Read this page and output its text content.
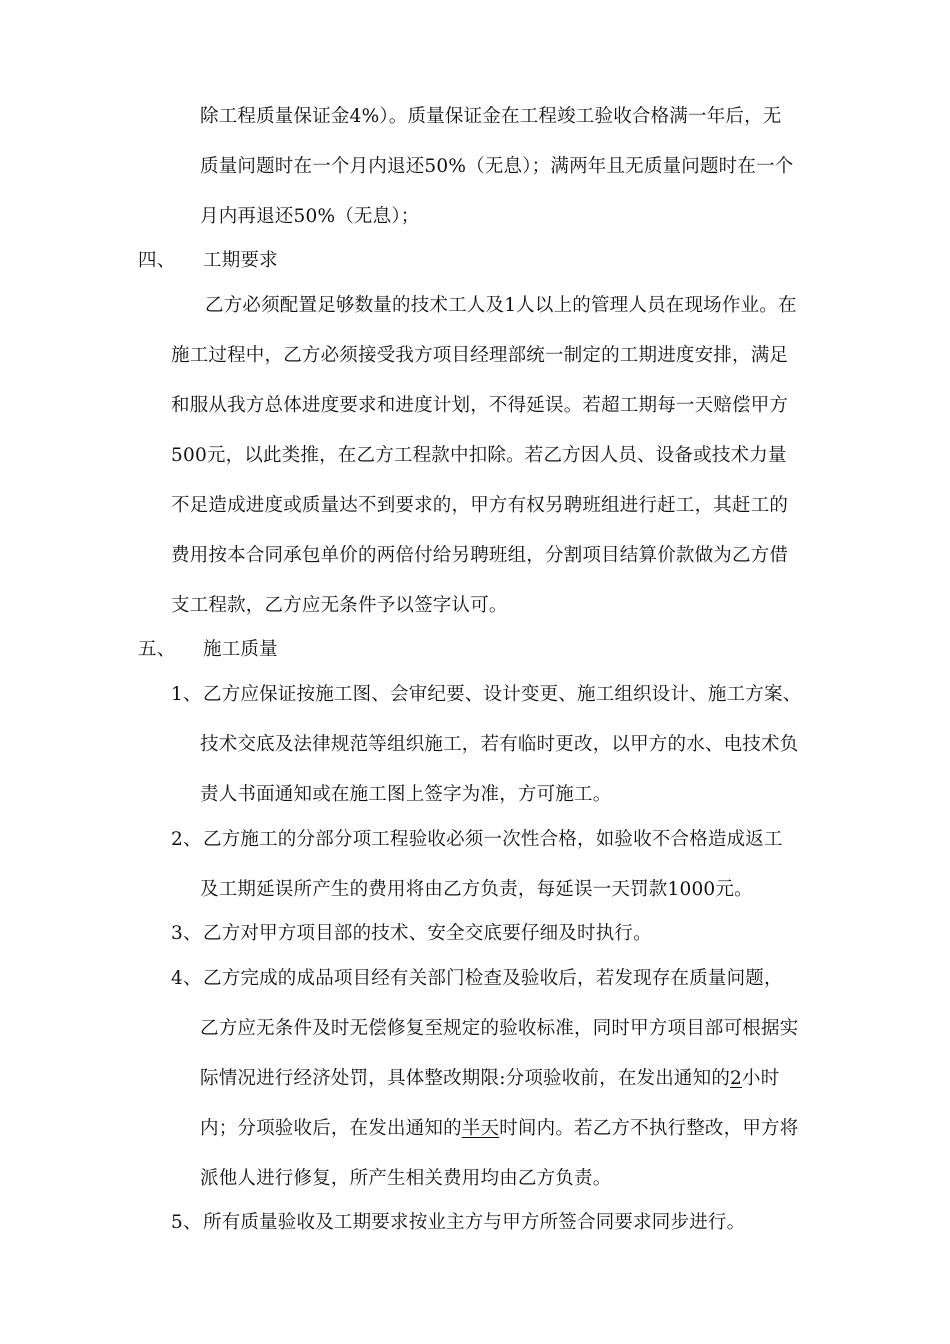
除工程质量保证金4%）。质量保证金在工程竣工验收合格满一年后，无
质量问题时在一个月内退还50%（无息）；满两年且无质量问题时在一个
月内再退还50%（无息）；
四、 工期要求
乙方必须配置足够数量的技术工人及1人以上的管理人员在现场作业。在
施工过程中，乙方必须接受我方项目经理部统一制定的工期进度安排，满足
和服从我方总体进度要求和进度计划，不得延误。若超工期每一天赔偿甲方
500元，以此类推，在乙方工程款中扣除。若乙方因人员、设备或技术力量
不足造成进度或质量达不到要求的，甲方有权另聘班组进行赶工，其赶工的
费用按本合同承包单价的两倍付给另聘班组，分割项目结算价款做为乙方借
支工程款，乙方应无条件予以签字认可。
五、 施工质量
1、 乙方应保证按施工图、会审纪要、设计变更、施工组织设计、施工方案、
技术交底及法律规范等组织施工，若有临时更改，以甲方的水、电技术负
责人书面通知或在施工图上签字为准，方可施工。
2、 乙方施工的分部分项工程验收必须一次性合格，如验收不合格造成返工
及工期延误所产生的费用将由乙方负责，每延误一天罚款1000元。
3、 乙方对甲方项目部的技术、安全交底要仔细及时执行。
4、 乙方完成的成品项目经有关部门检查及验收后，若发现存在质量问题，
乙方应无条件及时无偿修复至规定的验收标准，同时甲方项目部可根据实
际情况进行经济处罚，具体整改期限:分项验收前，在发出通知的2小时
内；分项验收后，在发出通知的半天时间内。若乙方不执行整改，甲方将
派他人进行修复，所产生相关费用均由乙方负责。
5、 所有质量验收及工期要求按业主方与甲方所签合同要求同步进行。
